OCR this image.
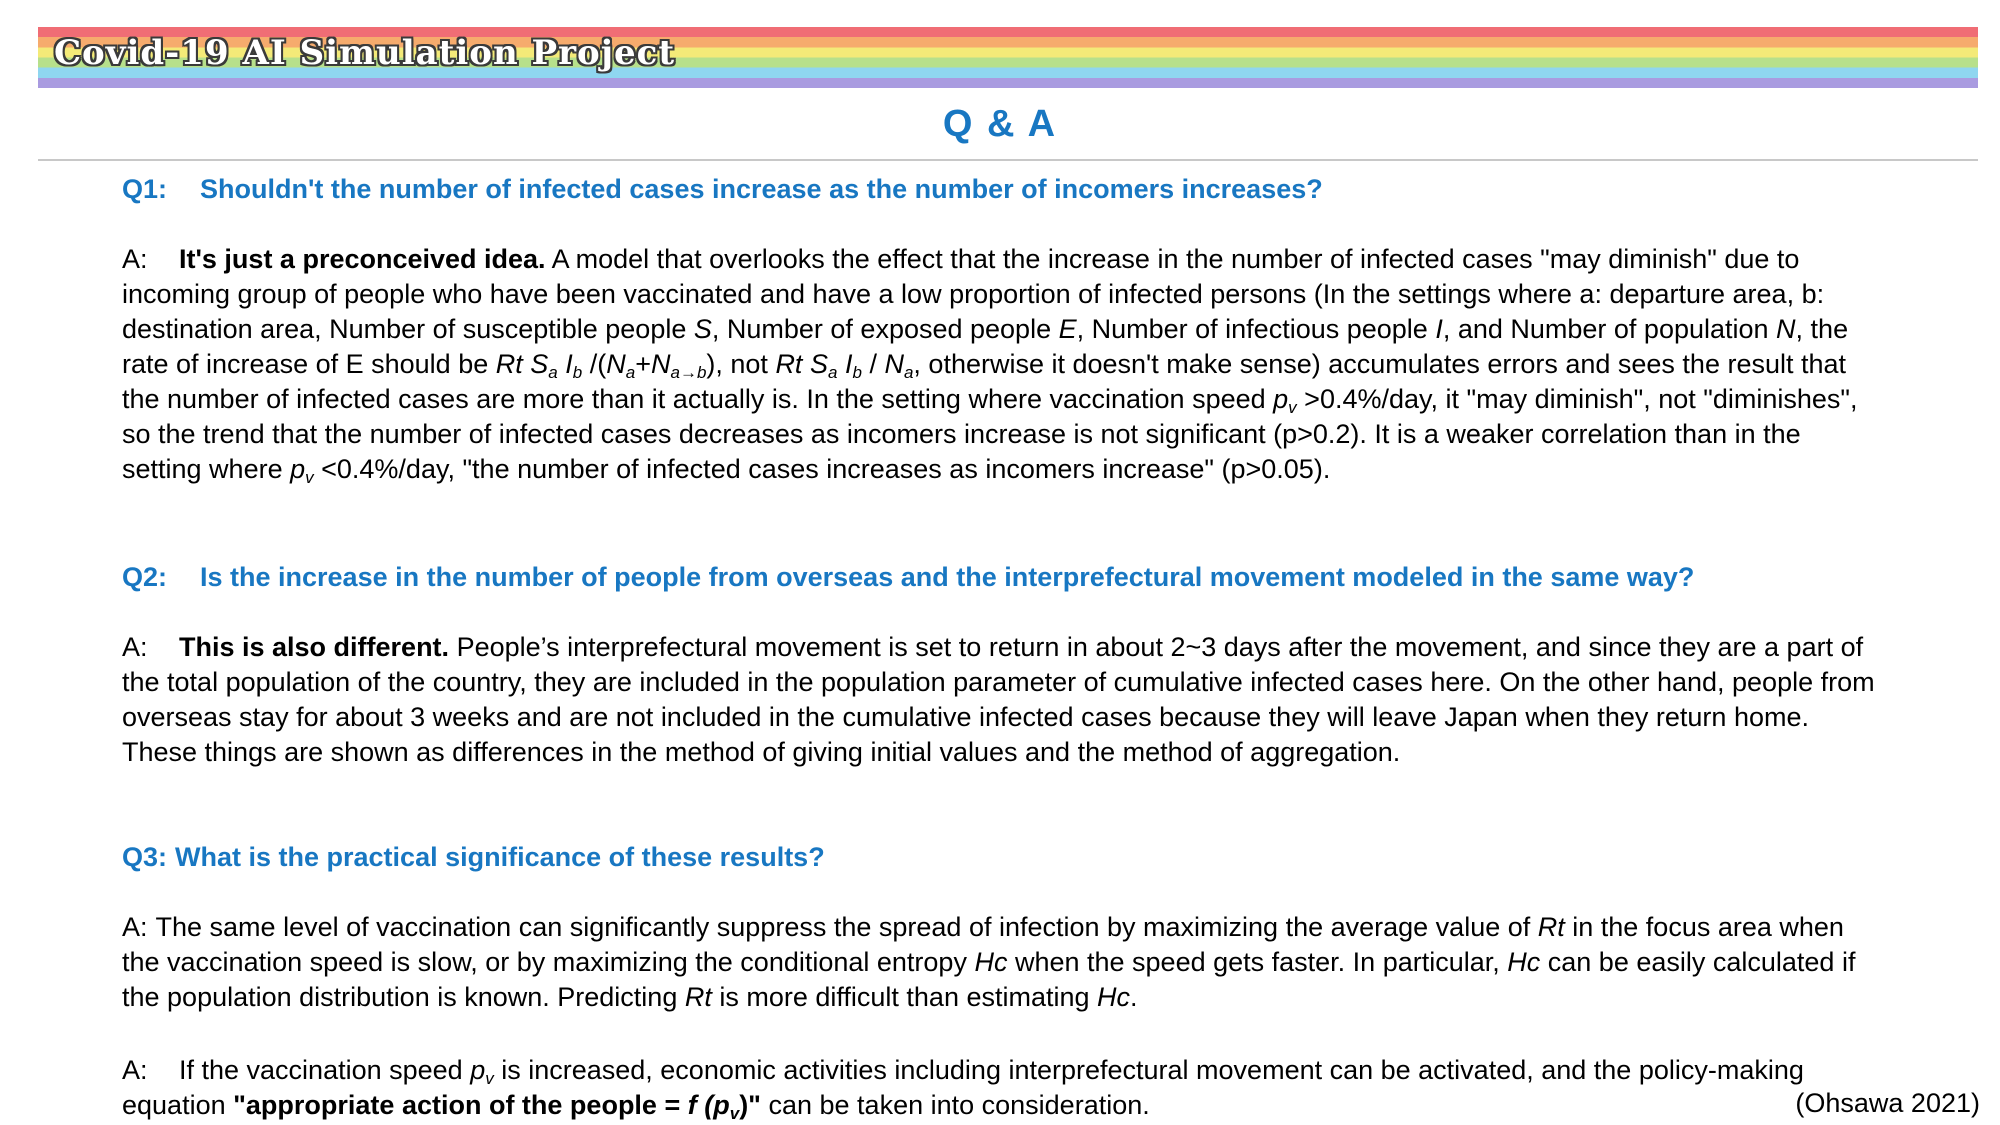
Covid-19 AI Simulation Project
Q & A
Q1: Shouldn't the number of infected cases increase as the number of incomers increases?
A: It's just a preconceived idea. A model that overlooks the effect that the increase in the number of infected cases "may diminish" due to incoming group of people who have been vaccinated and have a low proportion of infected persons (In the settings where a: departure area, b: destination area, Number of susceptible people S, Number of exposed people E, Number of infectious people I, and Number of population N, the rate of increase of E should be Rt $S_a$ $I_b$ $/(N_a+N_{a\to b})$, not Rt $S_a$ $I_b / N_a$, otherwise it doesn't make sense) accumulates errors and sees the result that the number of infected cases are more than it actually is. In the setting where vaccination speed $p_v >0.4\%/day$, it "may diminish", not "diminishes", so the trend that the number of infected cases decreases as incomers increase is not significant (p>0.2). It is a weaker correlation than in the setting where $p_v <0.4\%/day$, "the number of infected cases increases as incomers increase" (p>0.05).
Q2: Is the increase in the number of people from overseas and the interprefectural movement modeled in the same way?
A: This is also different. People’s interprefectural movement is set to return in about 2~3 days after the movement, and since they are a part of the total population of the country, they are included in the population parameter of cumulative infected cases here. On the other hand, people from overseas stay for about 3 weeks and are not included in the cumulative infected cases because they will leave Japan when they return home. These things are shown as differences in the method of giving initial values and the method of aggregation.
Q3: What is the practical significance of these results?
A: The same level of vaccination can significantly suppress the spread of infection by maximizing the average value of Rt in the focus area when the vaccination speed is slow, or by maximizing the conditional entropy Hc when the speed gets faster. In particular, Hc can be easily calculated if the population distribution is known. Predicting Rt is more difficult than estimating Hc.
A: If the vaccination speed $p_v$ is increased, economic activities including interprefectural movement can be activated, and the policy-making equation "appropriate action of the people = f $(p_v)$" can be taken into consideration.	(Ohsawa 2021)
